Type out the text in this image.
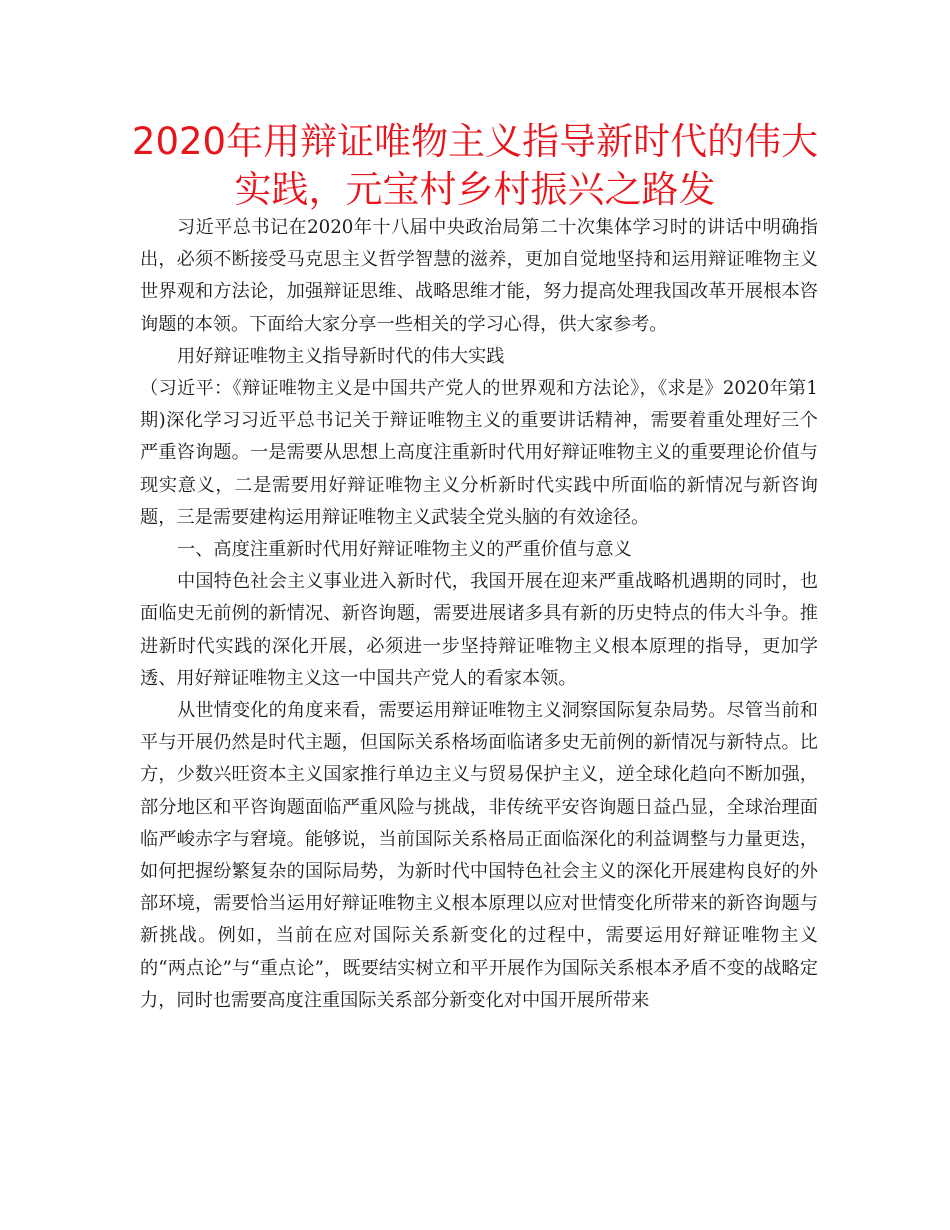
2020年用辩证唯物主义指导新时代的伟大实践，元宝村乡村振兴之路发

习近平总书记在2020年十八届中央政治局第二十次集体学习时的讲话中明确指出，必须不断接受马克思主义哲学智慧的滋养，更加自觉地坚持和运用辩证唯物主义世界观和方法论，加强辩证思维、战略思维才能，努力提高处理我国改革开展根本咨询题的本领。下面给大家分享一些相关的学习心得，供大家参考。

用好辩证唯物主义指导新时代的伟大实践

（习近平：《辩证唯物主义是中国共产党人的世界观和方法论》，《求是》2020年第1期)深化学习习近平总书记关于辩证唯物主义的重要讲话精神，需要着重处理好三个严重咨询题。一是需要从思想上高度注重新时代用好辩证唯物主义的重要理论价值与现实意义，二是需要用好辩证唯物主义分析新时代实践中所面临的新情况与新咨询题，三是需要建构运用辩证唯物主义武装全党头脑的有效途径。

一、高度注重新时代用好辩证唯物主义的严重价值与意义

中国特色社会主义事业进入新时代，我国开展在迎来严重战略机遇期的同时，也面临史无前例的新情况、新咨询题，需要进展诸多具有新的历史特点的伟大斗争。推进新时代实践的深化开展，必须进一步坚持辩证唯物主义根本原理的指导，更加学透、用好辩证唯物主义这一中国共产党人的看家本领。

从世情变化的角度来看，需要运用辩证唯物主义洞察国际复杂局势。尽管当前和平与开展仍然是时代主题，但国际关系格场面临诸多史无前例的新情况与新特点。比方，少数兴旺资本主义国家推行单边主义与贸易保护主义，逆全球化趋向不断加强，部分地区和平咨询题面临严重风险与挑战，非传统平安咨询题日益凸显，全球治理面临严峻赤字与窘境。能够说，当前国际关系格局正面临深化的利益调整与力量更迭，如何把握纷繁复杂的国际局势，为新时代中国特色社会主义的深化开展建构良好的外部环境，需要恰当运用好辩证唯物主义根本原理以应对世情变化所带来的新咨询题与新挑战。例如，当前在应对国际关系新变化的过程中，需要运用好辩证唯物主义的“两点论”与“重点论”，既要结实树立和平开展作为国际关系根本矛盾不变的战略定力，同时也需要高度注重国际关系部分新变化对中国开展所带来
